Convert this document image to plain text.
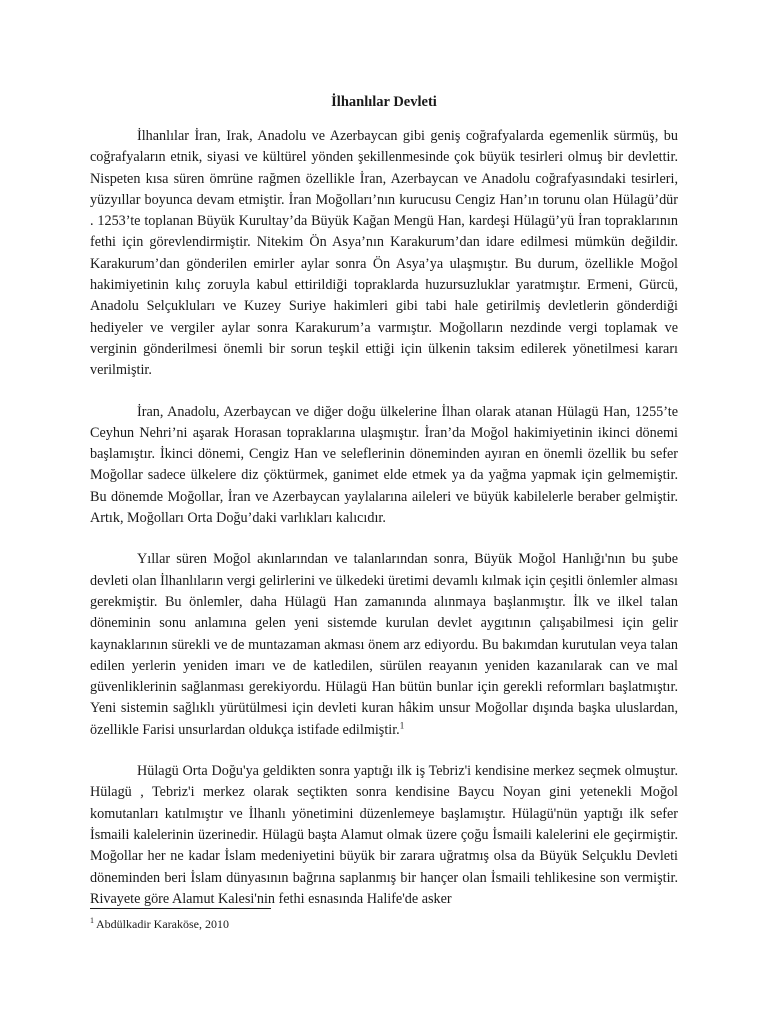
İlhanlılar Devleti

İlhanlılar İran, Irak, Anadolu ve Azerbaycan gibi geniş coğrafyalarda egemenlik sürmüş, bu coğrafyaların etnik, siyasi ve kültürel yönden şekillenmesinde çok büyük tesirleri olmuş bir devlettir. Nispeten kısa süren ömrüne rağmen özellikle İran, Azerbaycan ve Anadolu coğrafyasındaki tesirleri, yüzyıllar boyunca devam etmiştir. İran Moğolları’nın kurucusu Cengiz Han’ın torunu olan Hülagü’dür . 1253’te toplanan Büyük Kurultay’da Büyük Kağan Mengü Han, kardeşi Hülagü’yü İran topraklarının fethi için görevlendirmiştir. Nitekim Ön Asya’nın Karakurum’dan idare edilmesi mümkün değildir. Karakurum’dan gönderilen emirler aylar sonra Ön Asya’ya ulaşmıştır. Bu durum, özellikle Moğol hakimiyetinin kılıç zoruyla kabul ettirildiği topraklarda huzursuzluklar yaratmıştır. Ermeni, Gürcü, Anadolu Selçukluları ve Kuzey Suriye hakimleri gibi tabi hale getirilmiş devletlerin gönderdiği hediyeler ve vergiler aylar sonra Karakurum’a varmıştır. Moğolların nezdinde vergi toplamak ve verginin gönderilmesi önemli bir sorun teşkil ettiği için ülkenin taksim edilerek yönetilmesi kararı verilmiştir.

İran, Anadolu, Azerbaycan ve diğer doğu ülkelerine İlhan olarak atanan Hülagü Han, 1255’te Ceyhun Nehri’ni aşarak Horasan topraklarına ulaşmıştır. İran’da Moğol hakimiyetinin ikinci dönemi başlamıştır. İkinci dönemi, Cengiz Han ve seleflerinin döneminden ayıran en önemli özellik bu sefer Moğollar sadece ülkelere diz çöktürmek, ganimet elde etmek ya da yağma yapmak için gelmemiştir. Bu dönemde Moğollar, İran ve Azerbaycan yaylalarına aileleri ve büyük kabilelerle beraber gelmiştir. Artık, Moğolları Orta Doğu’daki varlıkları kalıcıdır.

Yıllar süren Moğol akınlarından ve talanlarından sonra, Büyük Moğol Hanlığı'nın bu şube devleti olan İlhanlıların vergi gelirlerini ve ülkedeki üretimi devamlı kılmak için çeşitli önlemler alması gerekmiştir. Bu önlemler, daha Hülagü Han zamanında alınmaya başlanmıştır. İlk ve ilkel talan döneminin sonu anlamına gelen yeni sistemde kurulan devlet aygıtının çalışabilmesi için gelir kaynaklarının sürekli ve de muntazaman akması önem arz ediyordu. Bu bakımdan kurutulan veya talan edilen yerlerin yeniden imarı ve de katledilen, sürülen reayanın yeniden kazanılarak can ve mal güvenliklerinin sağlanması gerekiyordu. Hülagü Han bütün bunlar için gerekli reformları başlatmıştır. Yeni sistemin sağlıklı yürütülmesi için devleti kuran hâkim unsur Moğollar dışında başka uluslardan, özellikle Farisi unsurlardan oldukça istifade edilmiştir.$^1$

Hülagü Orta Doğu'ya geldikten sonra yaptığı ilk iş Tebriz'i kendisine merkez seçmek olmuştur. Hülagü , Tebriz'i merkez olarak seçtikten sonra kendisine Baycu Noyan gini yetenekli Moğol komutanları katılmıştır ve İlhanlı yönetimini düzenlemeye başlamıştır. Hülagü'nün yaptığı ilk sefer İsmaili kalelerinin üzerinedir. Hülagü başta Alamut olmak üzere çoğu İsmaili kalelerini ele geçirmiştir. Moğollar her ne kadar İslam medeniyetini büyük bir zarara uğratmış olsa da Büyük Selçuklu Devleti döneminden beri İslam dünyasının bağrına saplanmış bir hançer olan İsmaili tehlikesine son vermiştir. Rivayete göre Alamut Kalesi'nin fethi esnasında Halife'de asker

$^1$ Abdülkadir Karaköse, 2010
